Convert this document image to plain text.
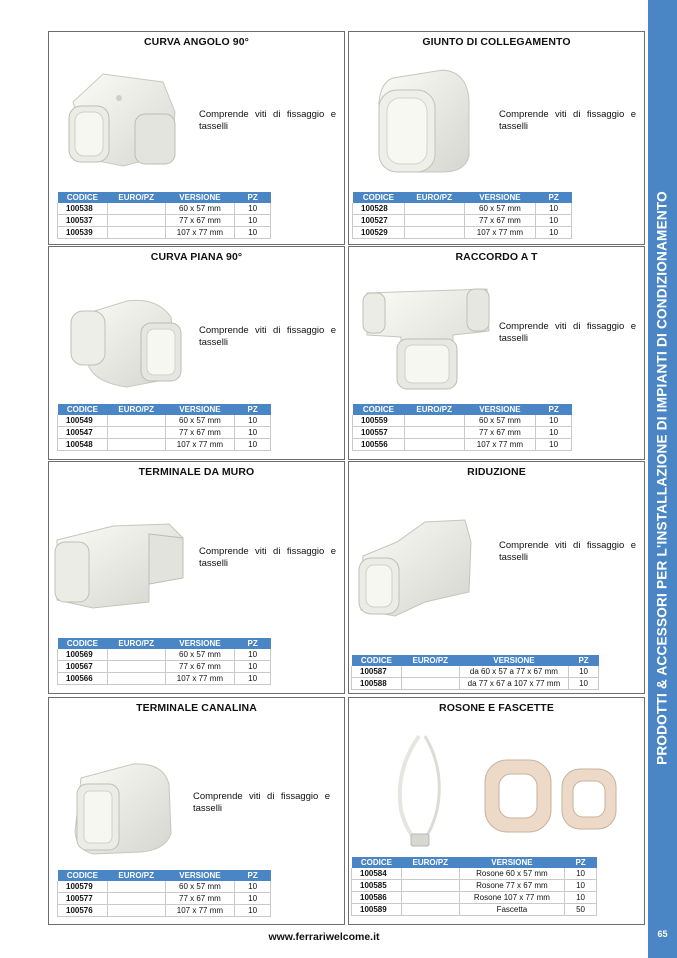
PRODOTTI & ACCESSORI PER L'INSTALLAZIONE DI IMPIANTI DI CONDIZIONAMENTO
65
www.ferrariwelcome.it
CURVA ANGOLO 90°
Comprende viti di fissaggio e tasselli
CODICE	EURO/PZ	VERSIONE	PZ
100538		60 x 57 mm	10
100537		77 x 67 mm	10
100539		107 x 77 mm	10
GIUNTO DI COLLEGAMENTO
Comprende viti di fissaggio e tasselli
CODICE	EURO/PZ	VERSIONE	PZ
100528		60 x 57 mm	10
100527		77 x 67 mm	10
100529		107 x 77 mm	10
CURVA PIANA 90°
Comprende viti di fissaggio e tasselli
CODICE	EURO/PZ	VERSIONE	PZ
100549		60 x 57 mm	10
100547		77 x 67 mm	10
100548		107 x 77 mm	10
RACCORDO A T
Comprende viti di fissaggio e tasselli
CODICE	EURO/PZ	VERSIONE	PZ
100559		60 x 57 mm	10
100557		77 x 67 mm	10
100556		107 x 77 mm	10
TERMINALE DA MURO
Comprende viti di fissaggio e tasselli
CODICE	EURO/PZ	VERSIONE	PZ
100569		60 x 57 mm	10
100567		77 x 67 mm	10
100566		107 x 77 mm	10
RIDUZIONE
Comprende viti di fissaggio e tasselli
CODICE	EURO/PZ	VERSIONE	PZ
100587		da 60 x 57 a 77 x 67 mm	10
100588		da 77 x 67 a 107 x 77 mm	10
TERMINALE CANALINA
Comprende viti di fissaggio e tasselli
CODICE	EURO/PZ	VERSIONE	PZ
100579		60 x 57 mm	10
100577		77 x 67 mm	10
100576		107 x 77 mm	10
ROSONE E FASCETTE
CODICE	EURO/PZ	VERSIONE	PZ
100584		Rosone 60 x 57 mm	10
100585		Rosone 77 x 67 mm	10
100586		Rosone 107 x 77 mm	10
100589		Fascetta	50
